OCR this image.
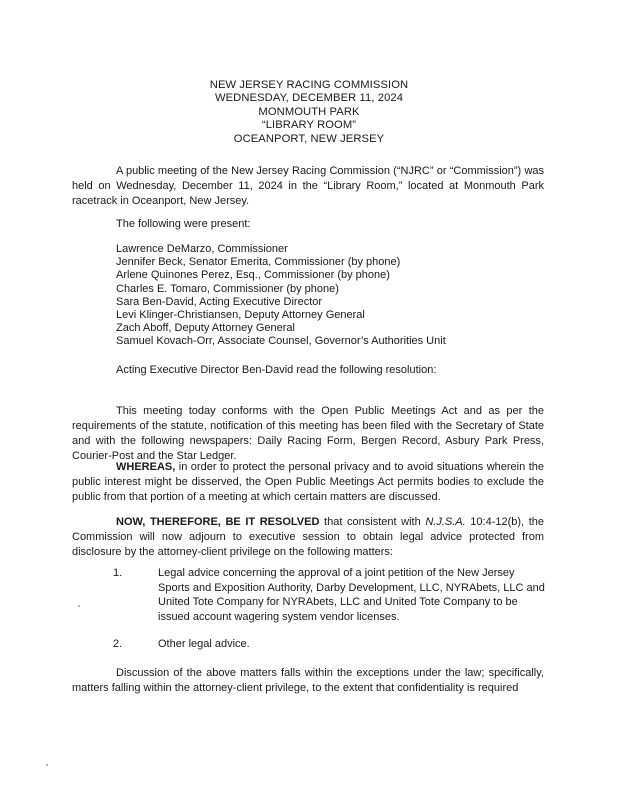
NEW JERSEY RACING COMMISSION
WEDNESDAY, DECEMBER 11, 2024
MONMOUTH PARK
“LIBRARY ROOM”
OCEANPORT, NEW JERSEY
A public meeting of the New Jersey Racing Commission (“NJRC” or “Commission”) was held on Wednesday, December 11, 2024 in the “Library Room,” located at Monmouth Park racetrack in Oceanport, New Jersey.
The following were present:
Lawrence DeMarzo, Commissioner
Jennifer Beck, Senator Emerita, Commissioner (by phone)
Arlene Quinones Perez, Esq., Commissioner (by phone)
Charles E. Tomaro, Commissioner (by phone)
Sara Ben-David, Acting Executive Director
Levi Klinger-Christiansen, Deputy Attorney General
Zach Aboff, Deputy Attorney General
Samuel Kovach-Orr, Associate Counsel, Governor’s Authorities Unit
Acting Executive Director Ben-David read the following resolution:
This meeting today conforms with the Open Public Meetings Act and as per the requirements of the statute, notification of this meeting has been filed with the Secretary of State and with the following newspapers: Daily Racing Form, Bergen Record, Asbury Park Press, Courier-Post and the Star Ledger.
WHEREAS, in order to protect the personal privacy and to avoid situations wherein the public interest might be disserved, the Open Public Meetings Act permits bodies to exclude the public from that portion of a meeting at which certain matters are discussed.
NOW, THEREFORE, BE IT RESOLVED that consistent with N.J.S.A. 10:4-12(b), the Commission will now adjourn to executive session to obtain legal advice protected from disclosure by the attorney-client privilege on the following matters:
1.	Legal advice concerning the approval of a joint petition of the New Jersey Sports and Exposition Authority, Darby Development, LLC, NYRAbets, LLC and United Tote Company for NYRAbets, LLC and United Tote Company to be issued account wagering system vendor licenses.
2.	Other legal advice.
Discussion of the above matters falls within the exceptions under the law; specifically, matters falling within the attorney-client privilege, to the extent that confidentiality is required
